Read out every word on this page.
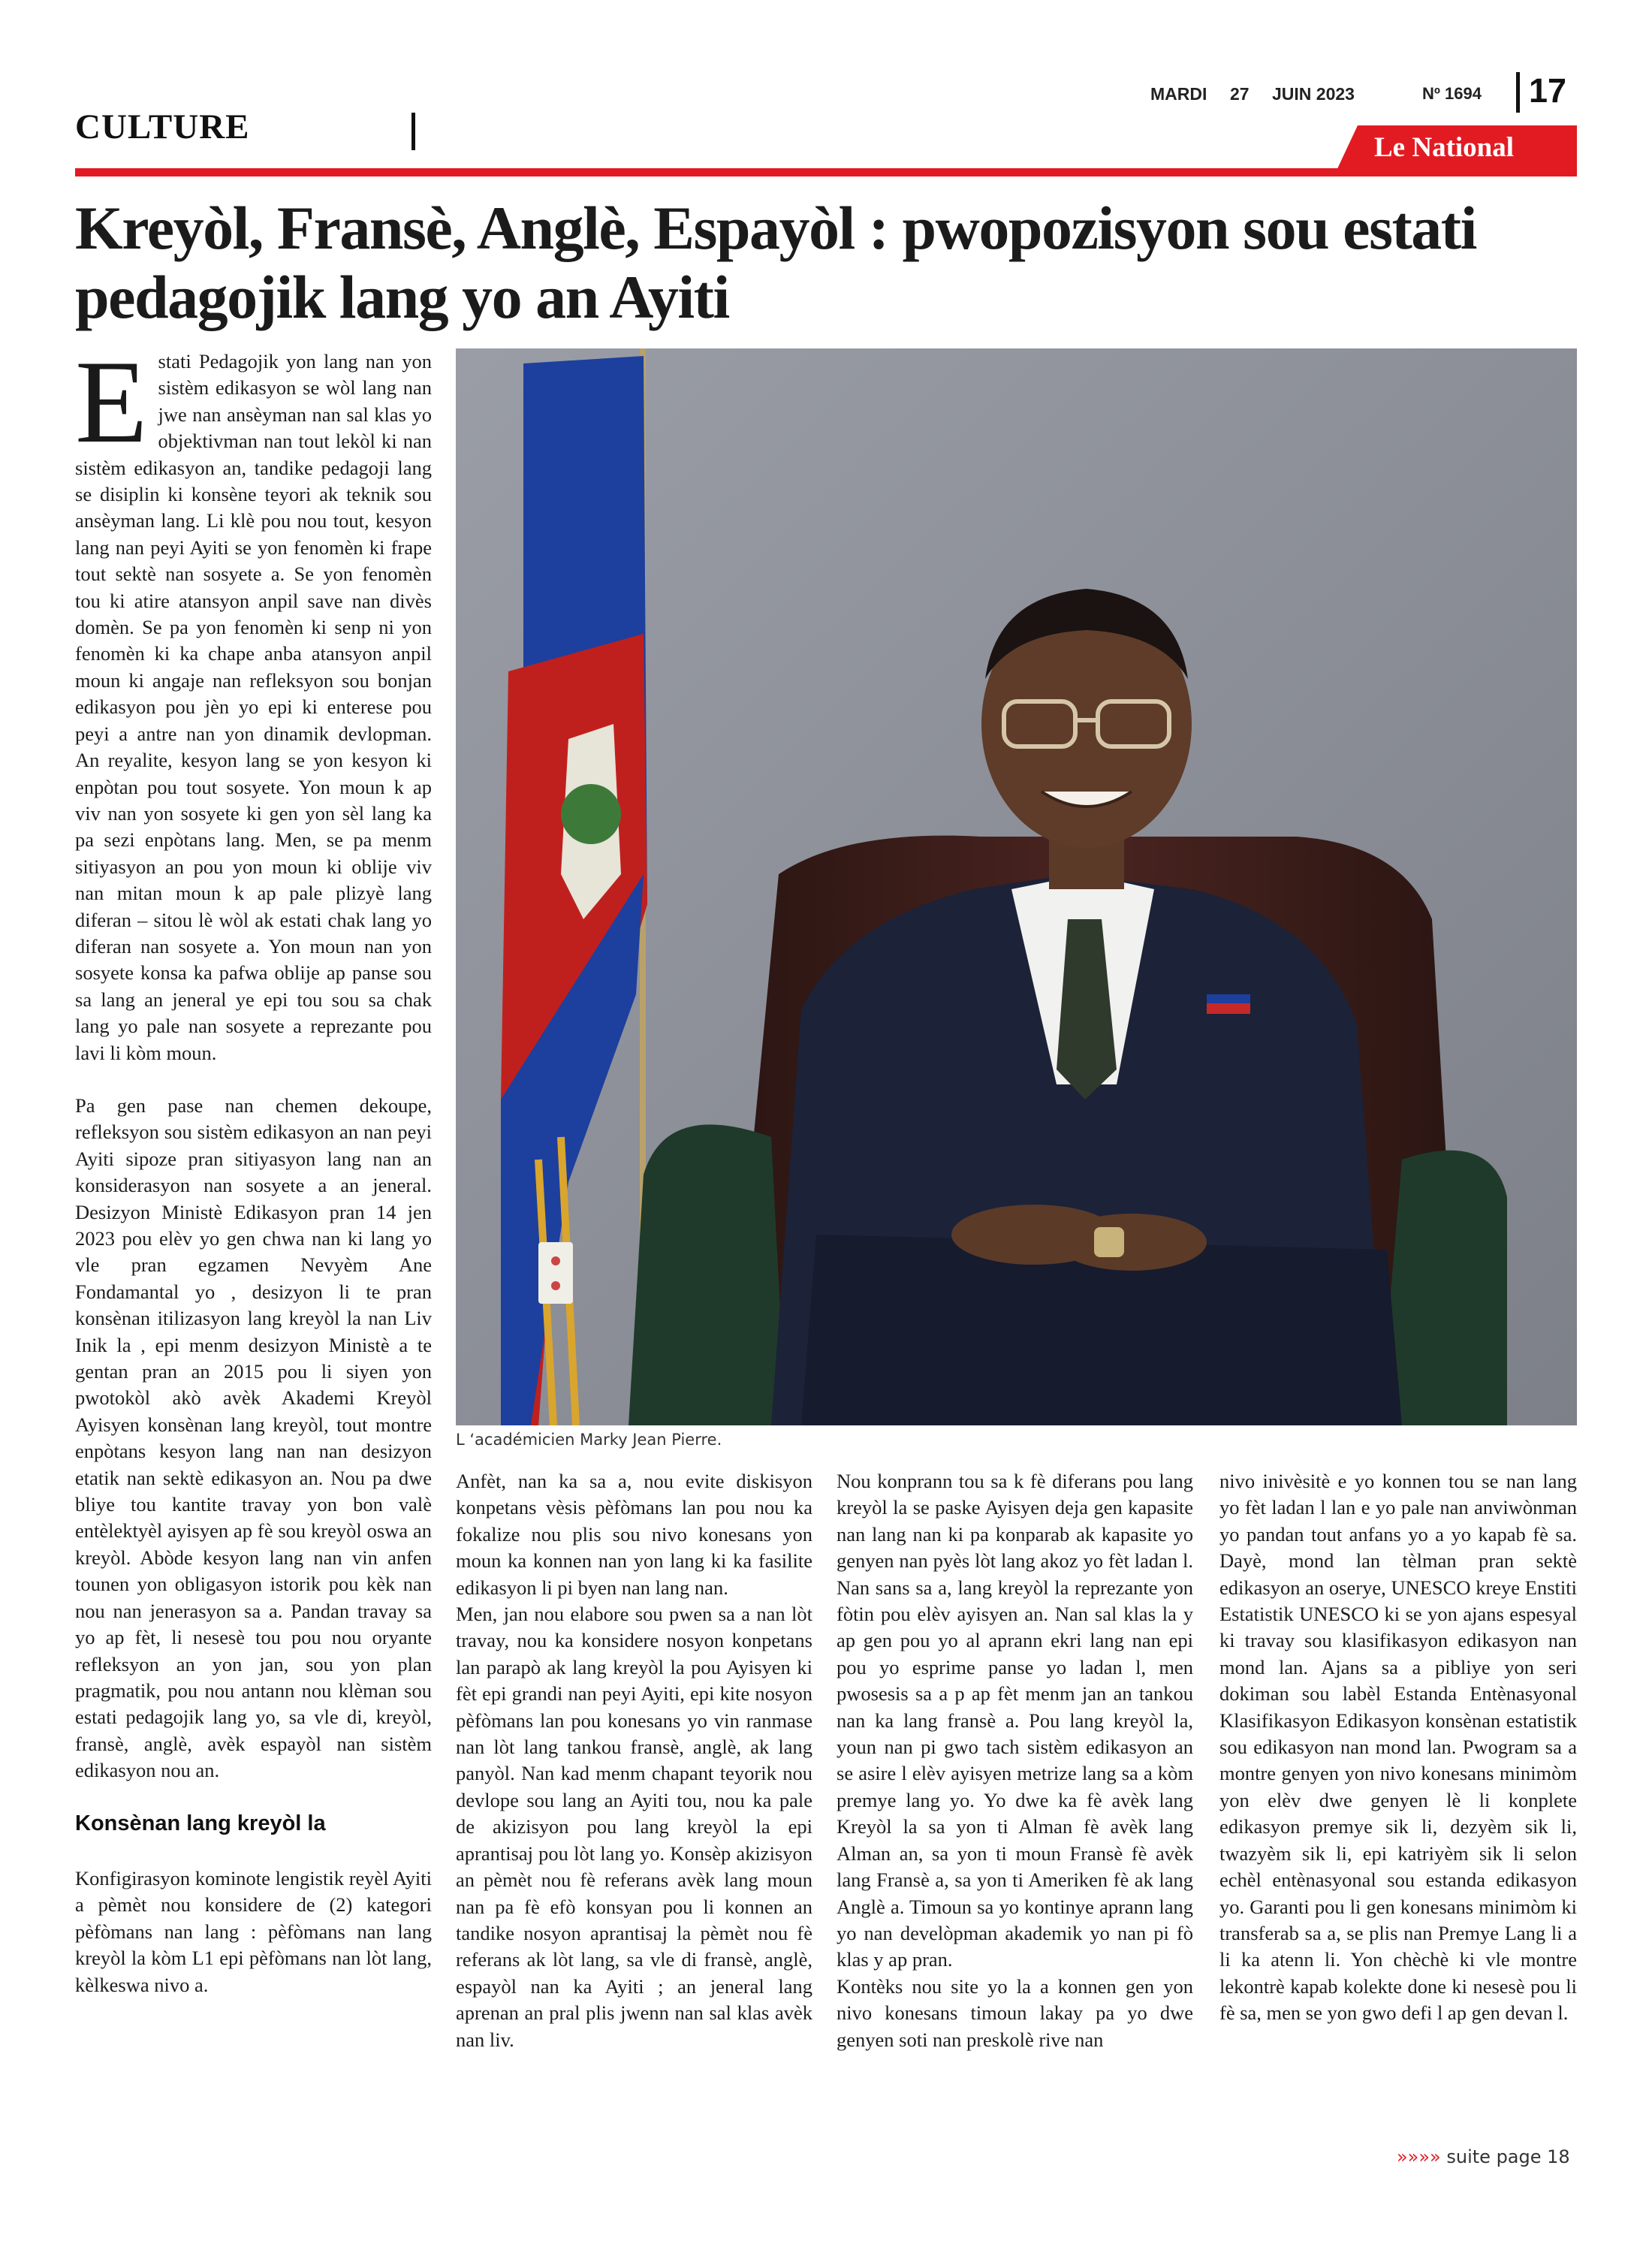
CULTURE
MARDI 27 JUIN 2023	Nº 1694 17
Le National
Kreyòl, Fransè, Anglè, Espayòl : pwopozisyon sou estati pedagojik lang yo an Ayiti
E stati Pedagojik yon lang nan yon sistèm edikasyon se wòl lang nan jwe nan ansèyman nan sal klas yo objektivman nan tout lekòl ki nan sistèm edikasyon an, tandike pedagoji lang se disiplin ki konsène teyori ak teknik sou ansèyman lang. Li klè pou nou tout, kesyon lang nan peyi Ayiti se yon fenomèn ki frape tout sektè nan sosyete a. Se yon fenomèn tou ki atire atansyon anpil save nan divès domèn. Se pa yon fenomèn ki senp ni yon fenomèn ki ka chape anba atansyon anpil moun ki angaje nan refleksyon sou bonjan edikasyon pou jèn yo epi ki enterese pou peyi a antre nan yon dinamik devlopman. An reyalite, kesyon lang se yon kesyon ki enpòtan pou tout sosyete. Yon moun k ap viv nan yon sosyete ki gen yon sèl lang ka pa sezi enpòtans lang. Men, se pa menm sitiyasyon an pou yon moun ki oblije viv nan mitan moun k ap pale plizyè lang diferan – sitou lè wòl ak estati chak lang yo diferan nan sosyete a. Yon moun nan yon sosyete konsa ka pafwa oblije ap panse sou sa lang an jeneral ye epi tou sou sa chak lang yo pale nan sosyete a reprezante pou lavi li kòm moun.

Pa gen pase nan chemen dekoupe, refleksyon sou sistèm edikasyon an nan peyi Ayiti sipoze pran sitiyasyon lang nan an konsiderasyon nan sosyete a an jeneral. Desizyon Ministè Edikasyon pran 14 jen 2023 pou elèv yo gen chwa nan ki lang yo vle pran egzamen Nevyèm Ane Fondamantal yo , desizyon li te pran konsènan itilizasyon lang kreyòl la nan Liv Inik la , epi menm desizyon Ministè a te gentan pran an 2015 pou li siyen yon pwotokòl akò avèk Akademi Kreyòl Ayisyen konsènan lang kreyòl, tout montre enpòtans kesyon lang nan nan desizyon etatik nan sektè edikasyon an. Nou pa dwe bliye tou kantite travay yon bon valè entèlektyèl ayisyen ap fè sou kreyòl oswa an kreyòl. Abòde kesyon lang nan vin anfen tounen yon obligasyon istorik pou kèk nan nou nan jenerasyon sa a. Pandan travay sa yo ap fèt, li nesesè tou pou nou oryante refleksyon an yon jan, sou yon plan pragmatik, pou nou antann nou klèman sou estati pedagojik lang yo, sa vle di, kreyòl, fransè, anglè, avèk espayòl nan sistèm edikasyon nou an.

Konsènan lang kreyòl la

Konfigirasyon kominote lengistik reyèl Ayiti a pèmèt nou konsidere de (2) kategori pèfòmans nan lang : pèfòmans nan lang kreyòl la kòm L1 epi pèfòmans nan lòt lang, kèlkeswa nivo a.

L ‘académicien Marky Jean Pierre.

Anfèt, nan ka sa a, nou evite diskisyon konpetans vèsis pèfòmans lan pou nou ka fokalize nou plis sou nivo konesans yon moun ka konnen nan yon lang ki ka fasilite edikasyon li pi byen nan lang nan.

Men, jan nou elabore sou pwen sa a nan lòt travay, nou ka konsidere nosyon konpetans lan parapò ak lang kreyòl la pou Ayisyen ki fèt epi grandi nan peyi Ayiti, epi kite nosyon pèfòmans lan pou konesans yo vin ranmase nan lòt lang tankou fransè, anglè, ak lang panyòl. Nan kad menm chapant teyorik nou devlope sou lang an Ayiti tou, nou ka pale de akizisyon pou lang kreyòl la epi aprantisaj pou lòt lang yo. Konsèp akizisyon an pèmèt nou fè referans avèk lang moun nan pa fè efò konsyan pou li konnen an tandike nosyon aprantisaj la pèmèt nou fè referans ak lòt lang, sa vle di fransè, anglè, espayòl nan ka Ayiti ; an jeneral lang aprenan an pral plis jwenn nan sal klas avèk nan liv.

Nou konprann tou sa k fè diferans pou lang kreyòl la se paske Ayisyen deja gen kapasite nan lang nan ki pa konparab ak kapasite yo genyen nan pyès lòt lang akoz yo fèt ladan l. Nan sans sa a, lang kreyòl la reprezante yon fòtin pou elèv ayisyen an. Nan sal klas la y ap gen pou yo al aprann ekri lang nan epi pou yo esprime panse yo ladan l, men pwosesis sa a p ap fèt menm jan an tankou nan ka lang fransè a. Pou lang kreyòl la, youn nan pi gwo tach sistèm edikasyon an se asire l elèv ayisyen metrize lang sa a kòm premye lang yo. Yo dwe ka fè avèk lang Kreyòl la sa yon ti Alman fè avèk lang Alman an, sa yon ti moun Fransè fè avèk lang Fransè a, sa yon ti Ameriken fè ak lang Anglè a. Timoun sa yo kontinye aprann lang yo nan develòpman akademik yo nan pi fò klas y ap pran.

Kontèks nou site yo la a konnen gen yon nivo konesans timoun lakay pa yo dwe genyen soti nan preskolè rive nan

nivo inivèsitè e yo konnen tou se nan lang yo fèt ladan l lan e yo pale nan anviwònman yo pandan tout anfans yo a yo kapab fè sa. Dayè, mond lan tèlman pran sektè edikasyon an oserye, UNESCO kreye Enstiti Estatistik UNESCO ki se yon ajans espesyal ki travay sou klasifikasyon edikasyon nan mond lan. Ajans sa a pibliye yon seri dokiman sou labèl Estanda Entènasyonal Klasifikasyon Edikasyon konsènan estatistik sou edikasyon nan mond lan. Pwogram sa a montre genyen yon nivo konesans minimòm yon elèv dwe genyen lè li konplete edikasyon premye sik li, dezyèm sik li, twazyèm sik li, epi katriyèm sik li selon echèl entènasyonal sou estanda edikasyon yo. Garanti pou li gen konesans minimòm ki transferab sa a, se plis nan Premye Lang li a li ka atenn li. Yon chèchè ki vle montre lekontrè kapab kolekte done ki nesesè pou li fè sa, men se yon gwo defi l ap gen devan l.

»»»» suite page 18
